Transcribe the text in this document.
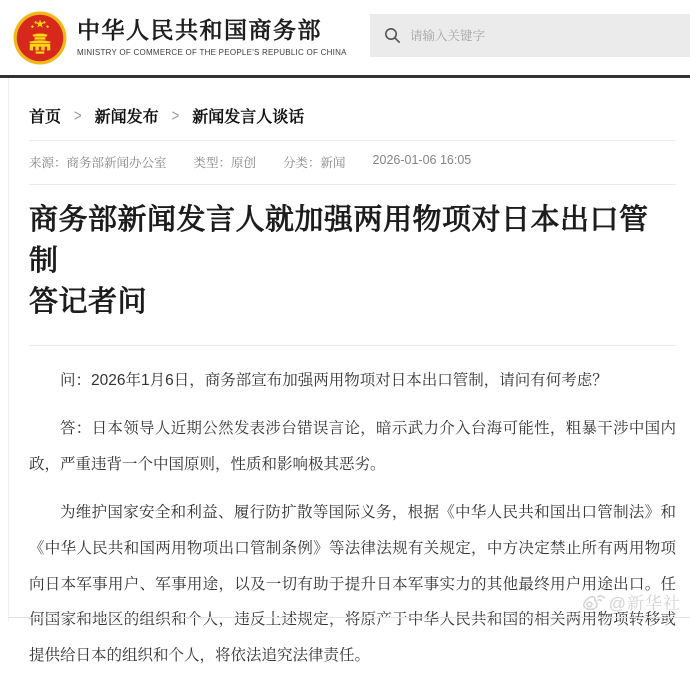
中华人民共和国商务部
MINISTRY OF COMMERCE OF THE PEOPLE'S REPUBLIC OF CHINA
请输入关键字
首页 > 新闻发布 > 新闻发言人谈话
来源：商务部新闻办公室 类型：原创 分类：新闻 2026-01-06 16:05
商务部新闻发言人就加强两用物项对日本出口管制
答记者问

问：2026年1月6日，商务部宣布加强两用物项对日本出口管制，请问有何考虑？

答：日本领导人近期公然发表涉台错误言论，暗示武力介入台海可能性，粗暴干涉中国内政，严重违背一个中国原则，性质和影响极其恶劣。

为维护国家安全和利益、履行防扩散等国际义务，根据《中华人民共和国出口管制法》和《中华人民共和国两用物项出口管制条例》等法律法规有关规定，中方决定禁止所有两用物项向日本军事用户、军事用途，以及一切有助于提升日本军事实力的其他最终用户用途出口。任何国家和地区的组织和个人，违反上述规定，将原产于中华人民共和国的相关两用物项转移或提供给日本的组织和个人，将依法追究法律责任。

@新华社
